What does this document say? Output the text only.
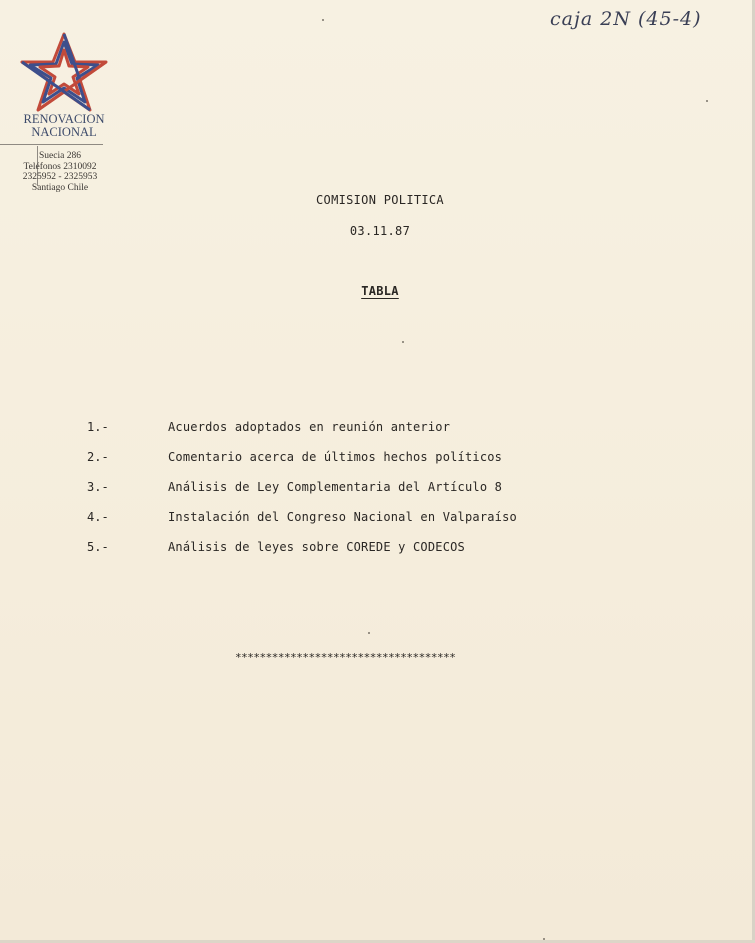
caja 2N (45-4)
RENOVACION
NACIONAL
Suecia 286
Teléfonos 2310092
2325952 - 2325953
Santiago Chile
COMISION POLITICA
03.11.87
TABLA
1.-	Acuerdos adoptados en reunión anterior
2.-	Comentario acerca de últimos hechos políticos
3.-	Análisis de Ley Complementaria del Artículo 8
4.-	Instalación del Congreso Nacional en Valparaíso
5.-	Análisis de leyes sobre COREDE y CODECOS
************************************
